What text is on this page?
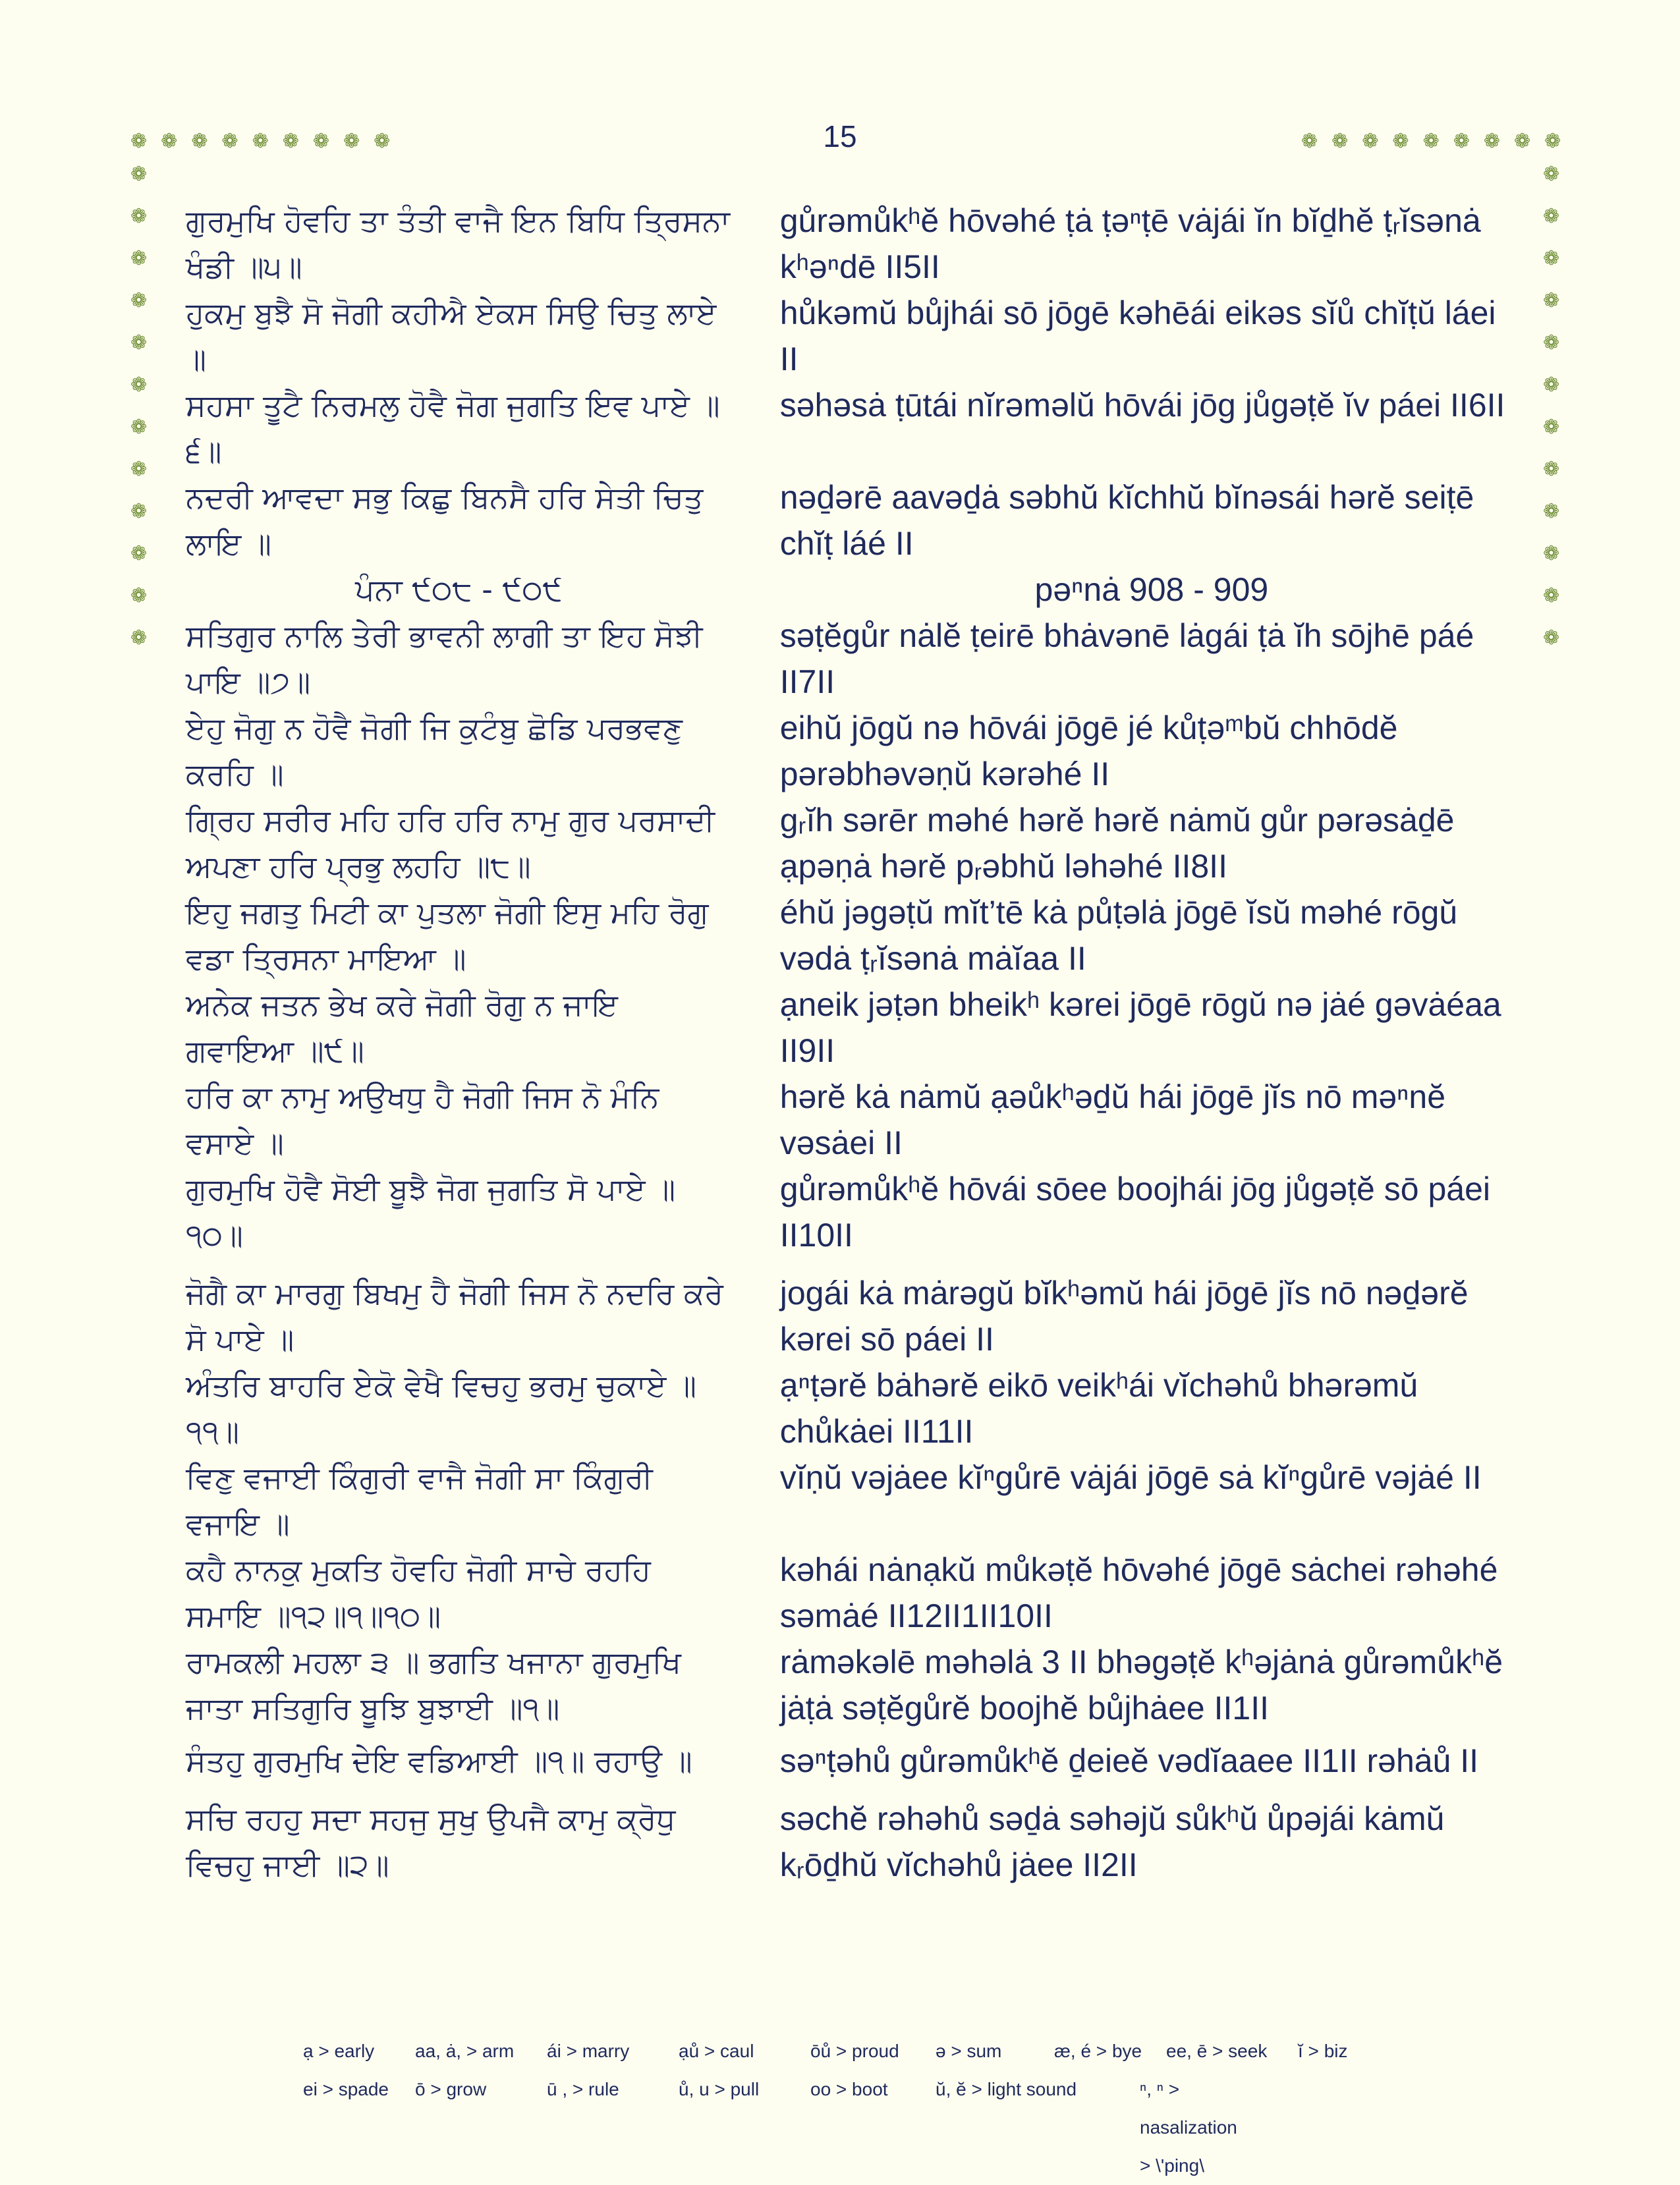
15
❁ ❁ ❁ ❁ ❁ ❁ ❁ ❁ ❁	❁ ❁ ❁ ❁ ❁ ❁ ❁ ❁ ❁
❁
❁
❁
❁
❁
❁
❁
❁
❁
❁
❁
❁
❁
❁
❁
❁
❁
❁
❁
❁
❁
❁
❁
❁
ਗੁਰਮੁਖਿ ਹੋਵਹਿ ਤਾ ਤੰਤੀ ਵਾਜੈ ਇਨ ਬਿਧਿ ਤ੍ਰਿਸਨਾ ਖੰਡੀ ॥੫॥
gůrəmůkʰĕ hōvəhé ṭȧ ṭəⁿṭē vȧjái ĭn bĭḏhĕ ṭᵣĭsənȧ kʰəⁿdē II5II
ਹੁਕਮੁ ਬੁਝੈ ਸੋ ਜੋਗੀ ਕਹੀਐ ਏਕਸ ਸਿਉ ਚਿਤੁ ਲਾਏ ॥
hůkəmŭ bůjhái sō jōgē kəhēái eikəs sĭů chĭṭŭ láei II
ਸਹਸਾ ਤੂਟੈ ਨਿਰਮਲੁ ਹੋਵੈ ਜੋਗ ਜੁਗਤਿ ਇਵ ਪਾਏ ॥੬॥
səhəsȧ ṭūtái nĭrəməlŭ hōvái jōg jůgəṭĕ ĭv páei II6II
ਨਦਰੀ ਆਵਦਾ ਸਭੁ ਕਿਛੁ ਬਿਨਸੈ ਹਰਿ ਸੇਤੀ ਚਿਤੁ ਲਾਇ ॥
nəḏərē aavəḏȧ səbhŭ kĭchhŭ bĭnəsái hərĕ seiṭē chĭṭ láé II
ਪੰਨਾ ੯੦੮ - ੯੦੯	pəⁿnȧ 908 - 909
ਸਤਿਗੁਰ ਨਾਲਿ ਤੇਰੀ ਭਾਵਨੀ ਲਾਗੀ ਤਾ ਇਹ ਸੋਝੀ ਪਾਇ ॥੭॥
səṭĕgůr nȧlĕ ṭeirē bhȧvənē lȧgái ṭȧ ĭh sōjhē páé II7II
ਏਹੁ ਜੋਗੁ ਨ ਹੋਵੈ ਜੋਗੀ ਜਿ ਕੁਟੰਬੁ ਛੋਡਿ ਪਰਭਵਣੁ ਕਰਹਿ ॥
eihŭ jōgŭ nə hōvái jōgē jé kůṭəᵐbŭ chhōdĕ pərəbhəvəṇŭ kərəhé II
ਗ੍ਰਿਹ ਸਰੀਰ ਮਹਿ ਹਰਿ ਹਰਿ ਨਾਮੁ ਗੁਰ ਪਰਸਾਦੀ ਅਪਣਾ ਹਰਿ ਪ੍ਰਭੁ ਲਹਹਿ ॥੮॥
gᵣĭh sərēr məhé hərĕ hərĕ nȧmŭ gůr pərəsȧḏē ạpəṇȧ hərĕ pᵣəbhŭ ləhəhé II8II
ਇਹੁ ਜਗਤੁ ਮਿਟੀ ਕਾ ਪੁਤਲਾ ਜੋਗੀ ਇਸੁ ਮਹਿ ਰੋਗੁ ਵਡਾ ਤ੍ਰਿਸਨਾ ਮਾਇਆ ॥
éhŭ jəgəṭŭ mĭt’tē kȧ půṭəlȧ jōgē ĭsŭ məhé rōgŭ vədȧ ṭᵣĭsənȧ mȧĭaa II
ਅਨੇਕ ਜਤਨ ਭੇਖ ਕਰੇ ਜੋਗੀ ਰੋਗੁ ਨ ਜਾਇ ਗਵਾਇਆ ॥੯॥
ạneik jəṭən bheikʰ kərei jōgē rōgŭ nə jȧé gəvȧéaa II9II
ਹਰਿ ਕਾ ਨਾਮੁ ਅਉਖਧੁ ਹੈ ਜੋਗੀ ਜਿਸ ਨੋ ਮੰਨਿ ਵਸਾਏ ॥
hərĕ kȧ nȧmŭ ạəůkʰəḏŭ hái jōgē jĭs nō məⁿnĕ vəsȧei II
ਗੁਰਮੁਖਿ ਹੋਵੈ ਸੋਈ ਬੂਝੈ ਜੋਗ ਜੁਗਤਿ ਸੋ ਪਾਏ ॥੧੦॥
gůrəmůkʰĕ hōvái sōee boojhái jōg jůgəṭĕ sō páei II10II
ਜੋਗੈ ਕਾ ਮਾਰਗੁ ਬਿਖਮੁ ਹੈ ਜੋਗੀ ਜਿਸ ਨੋ ਨਦਰਿ ਕਰੇ ਸੋ ਪਾਏ ॥
jogái kȧ mȧrəgŭ bĭkʰəmŭ hái jōgē jĭs nō nəḏərĕ kərei sō páei II
ਅੰਤਰਿ ਬਾਹਰਿ ਏਕੋ ਵੇਖੈ ਵਿਚਹੁ ਭਰਮੁ ਚੁਕਾਏ ॥੧੧॥
ạⁿṭərĕ bȧhərĕ eikō veikʰái vĭchəhů bhərəmŭ chůkȧei II11II
ਵਿਣੁ ਵਜਾਈ ਕਿੰਗੁਰੀ ਵਾਜੈ ਜੋਗੀ ਸਾ ਕਿੰਗੁਰੀ ਵਜਾਇ ॥
vĭṇŭ vəjȧee kĭⁿgůrē vȧjái jōgē sȧ kĭⁿgůrē vəjȧé II
ਕਹੈ ਨਾਨਕੁ ਮੁਕਤਿ ਹੋਵਹਿ ਜੋਗੀ ਸਾਚੇ ਰਹਹਿ ਸਮਾਇ ॥੧੨॥੧॥੧੦॥
kəhái nȧnạkŭ můkəṭĕ hōvəhé jōgē sȧchei rəhəhé səmȧé II12II1II10II
ਰਾਮਕਲੀ ਮਹਲਾ ੩ ॥ ਭਗਤਿ ਖਜਾਨਾ ਗੁਰਮੁਖਿ ਜਾਤਾ ਸਤਿਗੁਰਿ ਬੂਝਿ ਬੁਝਾਈ ॥੧॥
rȧməkəlē məhəlȧ 3 II bhəgəṭĕ kʰəjȧnȧ gůrəmůkʰĕ jȧṭȧ səṭĕgůrĕ boojhĕ bůjhȧee II1II
ਸੰਤਹੁ ਗੁਰਮੁਖਿ ਦੇਇ ਵਡਿਆਈ ॥੧॥ ਰਹਾਉ ॥	səⁿṭəhů gůrəmůkʰĕ ḏeieĕ vədĭaaee II1II rəhȧů II
ਸਚਿ ਰਹਹੁ ਸਦਾ ਸਹਜੁ ਸੁਖੁ ਉਪਜੈ ਕਾਮੁ ਕ੍ਰੋਧੁ ਵਿਚਹੁ ਜਾਈ ॥੨॥
səchĕ rəhəhů səḏȧ səhəjŭ sůkʰŭ ůpəjái kȧmŭ kᵣōḏhŭ vĭchəhů jȧee II2II
ạ > early	aa, ȧ, > arm	ái > marry	ạů > caul	ōů > proud	ə > sum	æ, é > bye	ee, ē > seek	ĭ > biz
ei > spade	ō > grow	ū , > rule	ů, u > pull	oo > boot	ŭ, ĕ > light sound	ⁿ, ⁿ > nasalization > \'ping\
